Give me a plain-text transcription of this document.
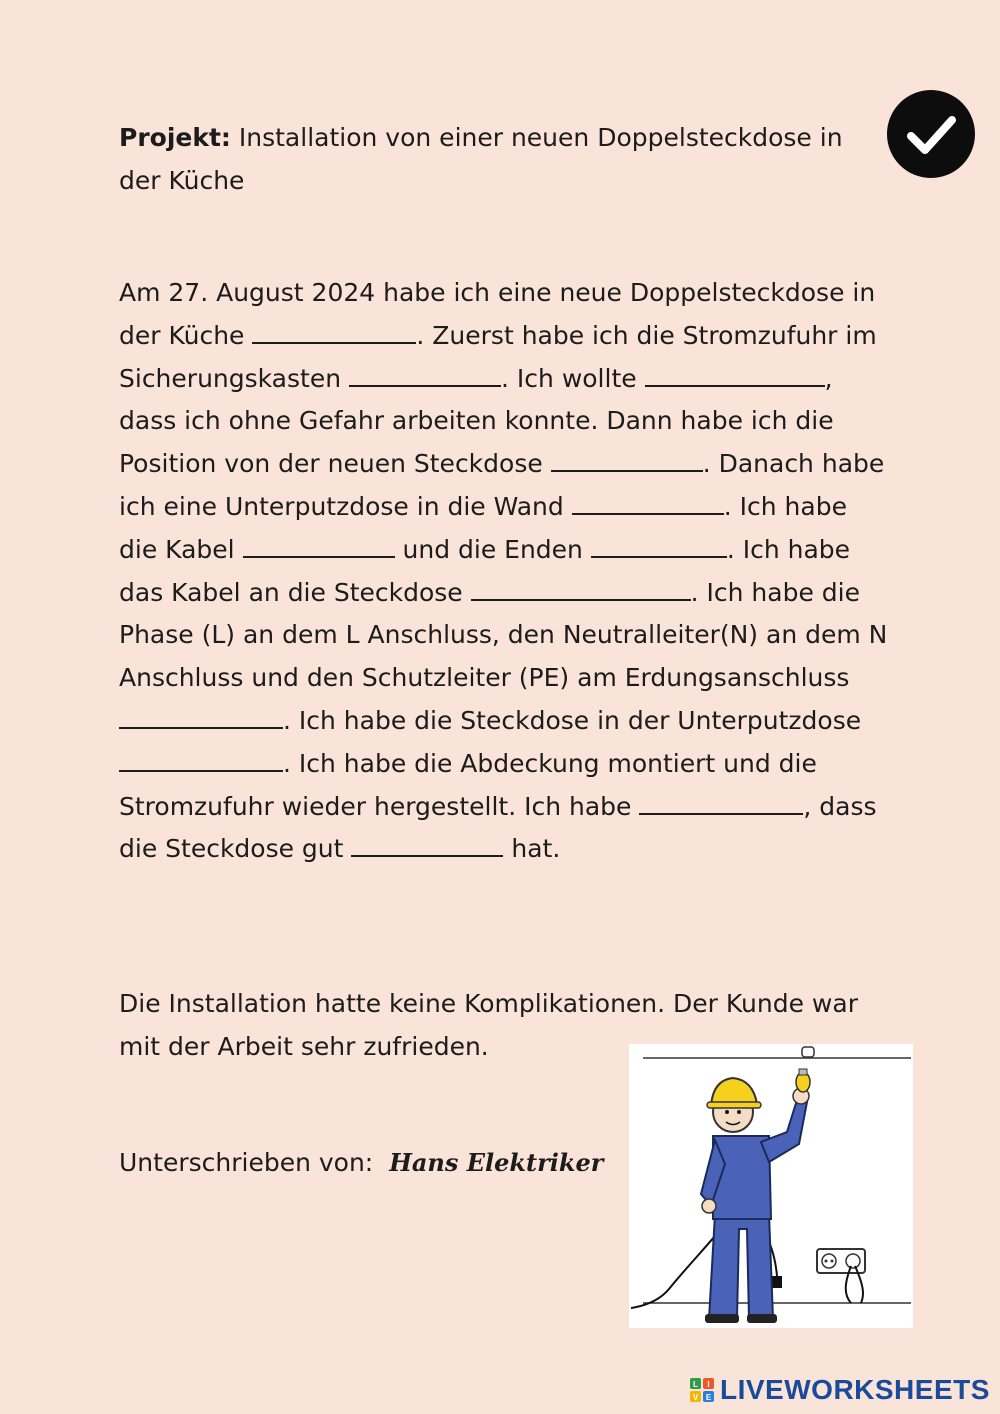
Projekt: Installation von einer neuen Doppelsteckdose in der Küche
Am 27. August 2024 habe ich eine neue Doppelsteckdose in der Küche	. Zuerst habe ich die Stromzufuhr im Sicherungskasten	. Ich wollte	, dass ich ohne Gefahr arbeiten konnte. Dann habe ich die Position von der neuen Steckdose	. Danach habe ich eine Unterputzdose in die Wand	. Ich habe die Kabel	und die Enden	. Ich habe das Kabel an die Steckdose	. Ich habe die Phase (L) an dem L Anschluss, den Neutralleiter(N) an dem N Anschluss und den Schutzleiter (PE) am Erdungsanschluss . Ich habe die Steckdose in der Unterputzdose . Ich habe die Abdeckung montiert und die Stromzufuhr wieder hergestellt. Ich habe	, dass die Steckdose gut	hat.
Die Installation hatte keine Komplikationen. Der Kunde war mit der Arbeit sehr zufrieden.
Unterschrieben von: Hans Elektriker
L I
V E LIVEWORKSHEETS
